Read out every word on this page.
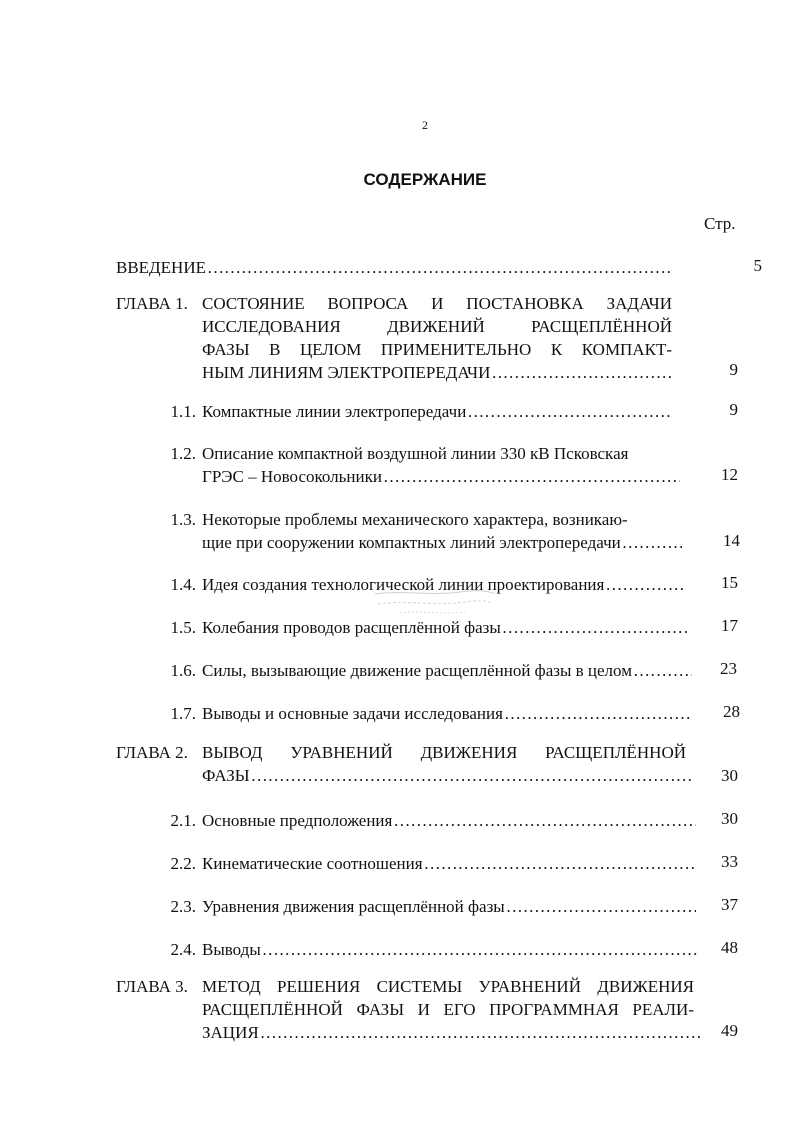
2
СОДЕРЖАНИЕ
Стр.
ВВЕДЕНИЕ …………………………………………………………………………………………………………………………………………	5
ГЛАВА 1. СОСТОЯНИЕ ВОПРОСА И ПОСТАНОВКА ЗАДАЧИ
ИССЛЕДОВАНИЯ ДВИЖЕНИЙ РАСЩЕПЛЁННОЙ
ФАЗЫ В ЦЕЛОМ ПРИМЕНИТЕЛЬНО К КОМПАКТ-
НЫМ ЛИНИЯМ ЭЛЕКТРОПЕРЕДАЧИ …………………………………………………………………………………………………………………………………………	9
1.1. Компактные линии электропередачи …………………………………………………………………………………………………………………………………………	9
1.2. Описание компактной воздушной линии 330 кВ Псковская
ГРЭС – Новосокольники …………………………………………………………………………………………………………………………………………	12
1.3. Некоторые проблемы механического характера, возникаю-
щие при сооружении компактных линий электропередачи …………………………………………………………………………………………………………………………………………	14
1.4. Идея создания технологической линии проектирования …………………………………………………………………………………………………………………………………………	15
1.5. Колебания проводов расщеплённой фазы …………………………………………………………………………………………………………………………………………	17
1.6. Силы, вызывающие движение расщеплённой фазы в целом …………………………………………………………………………………………………………………………………………	23
1.7. Выводы и основные задачи исследования …………………………………………………………………………………………………………………………………………	28
ГЛАВА 2. ВЫВОД УРАВНЕНИЙ ДВИЖЕНИЯ РАСЩЕПЛЁННОЙ
ФАЗЫ …………………………………………………………………………………………………………………………………………	30
2.1. Основные предположения …………………………………………………………………………………………………………………………………………	30
2.2. Кинематические соотношения …………………………………………………………………………………………………………………………………………	33
2.3. Уравнения движения расщеплённой фазы …………………………………………………………………………………………………………………………………………	37
2.4. Выводы …………………………………………………………………………………………………………………………………………	48
ГЛАВА 3. МЕТОД РЕШЕНИЯ СИСТЕМЫ УРАВНЕНИЙ ДВИЖЕНИЯ
РАСЩЕПЛЁННОЙ ФАЗЫ И ЕГО ПРОГРАММНАЯ РЕАЛИ-
ЗАЦИЯ …………………………………………………………………………………………………………………………………………	49
